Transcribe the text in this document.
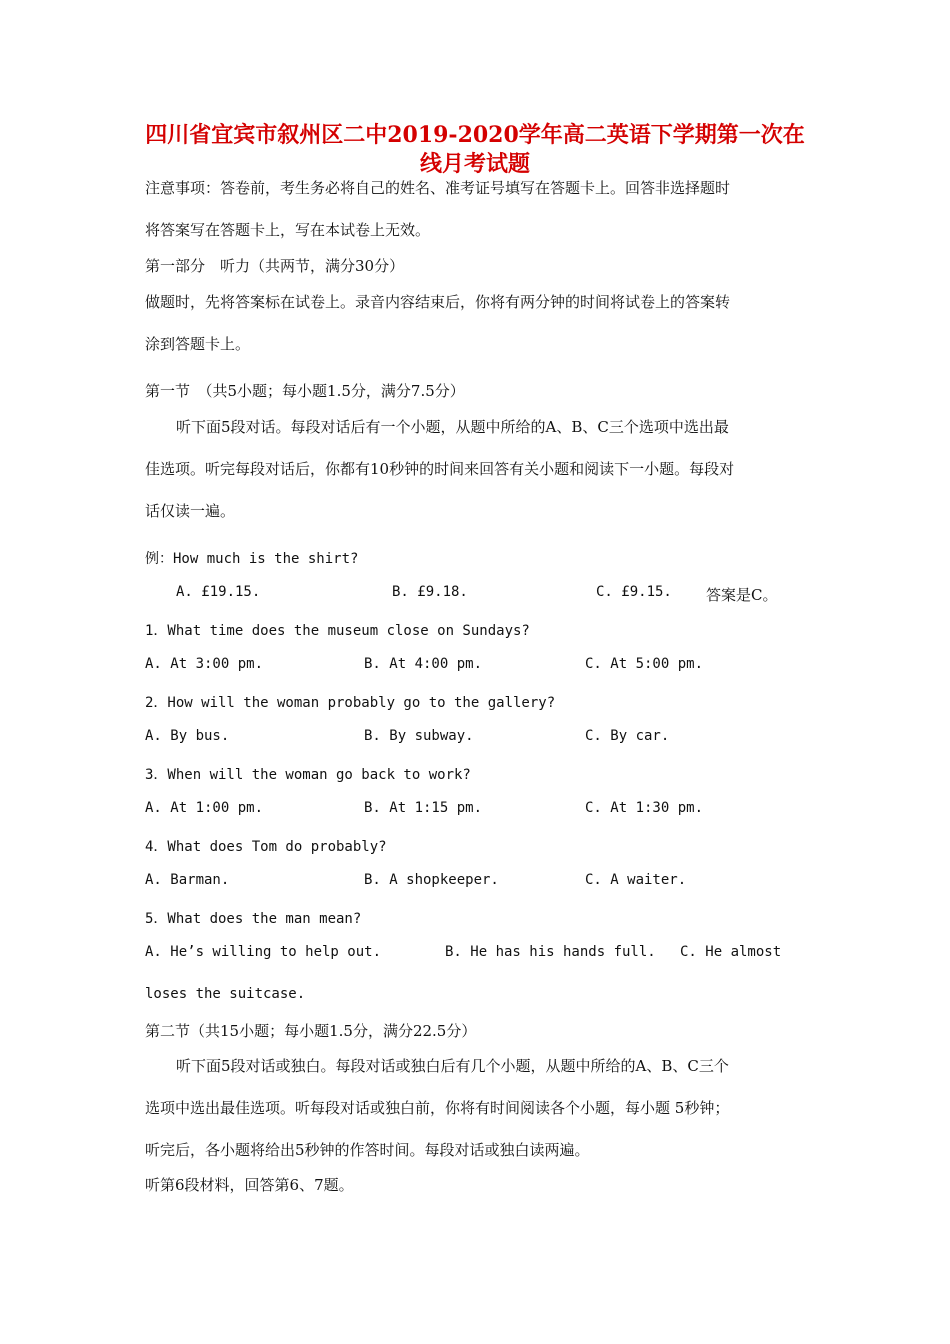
四川省宜宾市叙州区二中2019-2020学年高二英语下学期第一次在
线月考试题
注意事项：答卷前，考生务必将自己的姓名、准考证号填写在答题卡上。回答非选择题时
将答案写在答题卡上，写在本试卷上无效。
第一部分　听力（共两节，满分30分）
做题时，先将答案标在试卷上。录音内容结束后，你将有两分钟的时间将试卷上的答案转
涂到答题卡上。
第一节　（共5小题；每小题1.5分，满分7.5分）
听下面5段对话。每段对话后有一个小题，从题中所给的A、B、C三个选项中选出最
佳选项。听完每段对话后，你都有10秒钟的时间来回答有关小题和阅读下一小题。每段对
话仅读一遍。
例：How much is the shirt?
A. £19.15.	B. £9.18.	C. £9.15. 答案是C。
1．What time does the museum close on Sundays?
A. At 3:00 pm.	B. At 4:00 pm.	C. At 5:00 pm.
2．How will the woman probably go to the gallery?
A. By bus.	B. By subway.	C. By car.
3．When will the woman go back to work?
A. At 1:00 pm.	B. At 1:15 pm.	C. At 1:30 pm.
4．What does Tom do probably?
A. Barman.	B. A shopkeeper.	C. A waiter.
5．What does the man mean?
A. He’s willing to help out.	B. He has his hands full. C. He almost
loses the suitcase.
第二节（共15小题；每小题1.5分，满分22.5分）
听下面5段对话或独白。每段对话或独白后有几个小题，从题中所给的A、B、C三个
选项中选出最佳选项。听每段对话或独白前，你将有时间阅读各个小题，每小题 5秒钟；
听完后，各小题将给出5秒钟的作答时间。每段对话或独白读两遍。
听第6段材料，回答第6、7题。
